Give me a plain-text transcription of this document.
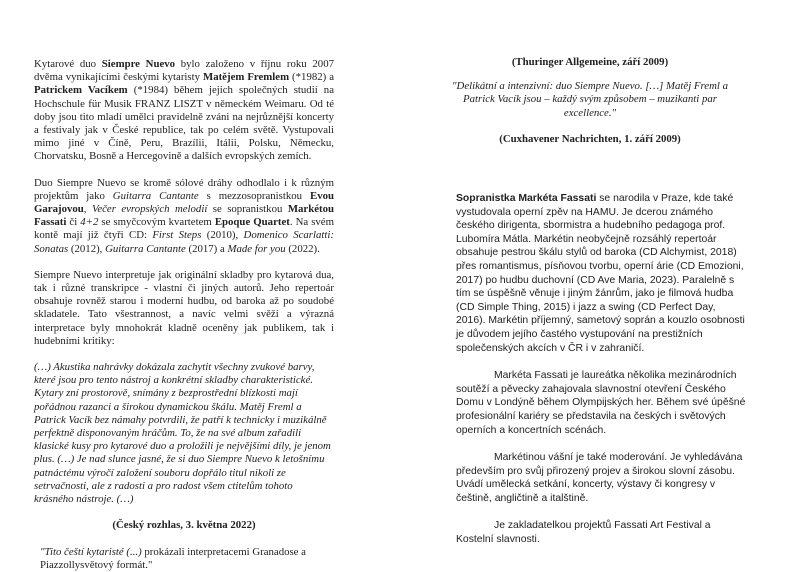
Kytarové duo Siempre Nuevo bylo založeno v říjnu roku 2007 dvěma vynikajícími českými kytaristy Matějem Fremlem (*1982) a Patrickem Vacíkem (*1984) během jejich společných studií na Hochschule für Musik FRANZ LISZT v německém Weimaru. Od té doby jsou tito mladí umělci pravidelně zváni na nejrůznější koncerty a festivaly jak v České republice, tak po celém světě. Vystupovali mimo jiné v Číně, Peru, Brazílii, Itálii, Polsku, Německu, Chorvatsku, Bosně a Hercegovině a dalších evropských zemích.

Duo Siempre Nuevo se kromě sólové dráhy odhodlalo i k různým projektům jako Guitarra Cantante s mezzosopranistkou Evou Garajovou, Večer evropských melodií se sopranistkou Markétou Fassati či 4+2 se smyčcovým kvartetem Epoque Quartet. Na svém kontě mají již čtyři CD: First Steps (2010), Domenico Scarlatti: Sonatas (2012), Guitarra Cantante (2017) a Made for you (2022).

Siempre Nuevo interpretuje jak originální skladby pro kytarová dua, tak i různé transkripce - vlastní či jiných autorů. Jeho repertoár obsahuje rovněž starou i moderní hudbu, od baroka až po soudobé skladatele. Tato všestrannost, a navíc velmi svěží a výrazná interpretace byly mnohokrát kladně oceněny jak publikem, tak i hudebními kritiky:

(…) Akustika nahrávky dokázala zachytit všechny zvukové barvy, které jsou pro tento nástroj a konkrétní skladby charakteristické. Kytary zní prostorově, snímány z bezprostřední blízkosti mají pořádnou razanci a širokou dynamickou škálu. Matěj Freml a Patrick Vacík bez námahy potvrdili, že patří k technicky i muzikálně perfektně disponovaným hráčům. To, že na své album zařadili klasické kusy pro kytarové duo a proložili je nejvějšími díly, je jenom plus. (…) Je nad slunce jasné, že si duo Siempre Nuevo k letošnímu patnáctému výročí založení souboru dopřálo titul nikoli ze setrvačnosti, ale z radosti a pro radost všem ctitelům tohoto krásného nástroje. (…)

(Český rozhlas, 3. května 2022)

"Tito čeští kytaristé (...) prokázali interpretacemi Granadose a Piazzollysvětový formát."

(Thuringer Allgemeine, září 2009)

"Delikátní a intenzivní: duo Siempre Nuevo. […] Matěj Freml a Patrick Vacík jsou – každý svým způsobem – muzikanti par excellence."

(Cuxhavener Nachrichten, 1. září 2009)

Sopranistka Markéta Fassati se narodila v Praze, kde také vystudovala operní zpěv na HAMU. Je dcerou známého českého dirigenta, sbormistra a hudebního pedagoga prof. Lubomíra Mátla. Markétin neobyčejně rozsáhlý repertoár obsahuje pestrou škálu stylů od baroka (CD Alchymist, 2018) přes romantismus, písňovou tvorbu, operní árie (CD Emozioni, 2017) po hudbu duchovní (CD Ave Maria, 2023). Paralelně s tím se úspěšně věnuje i jiným žánrům, jako je filmová hudba (CD Simple Thing, 2015) i jazz a swing (CD Perfect Day, 2016). Markétin příjemný, sametový soprán a kouzlo osobnosti je důvodem jejího častého vystupování na prestižních společenských akcích v ČR i v zahraničí.

Markéta Fassati je laureátka několika mezinárodních soutěží a pěvecky zahajovala slavnostní otevření Českého Domu v Londýně během Olympijských her. Během své úpěšné profesionální kariéry se představila na českých i světových operních a koncertních scénách.

Markétinou vášní je také moderování. Je vyhledávána především pro svůj přirozený projev a širokou slovní zásobu. Uvádí umělecká setkání, koncerty, výstavy či kongresy v češtině, angličtině a italštině.

Je zakladatelkou projektů Fassati Art Festival a Kostelní slavnosti.
